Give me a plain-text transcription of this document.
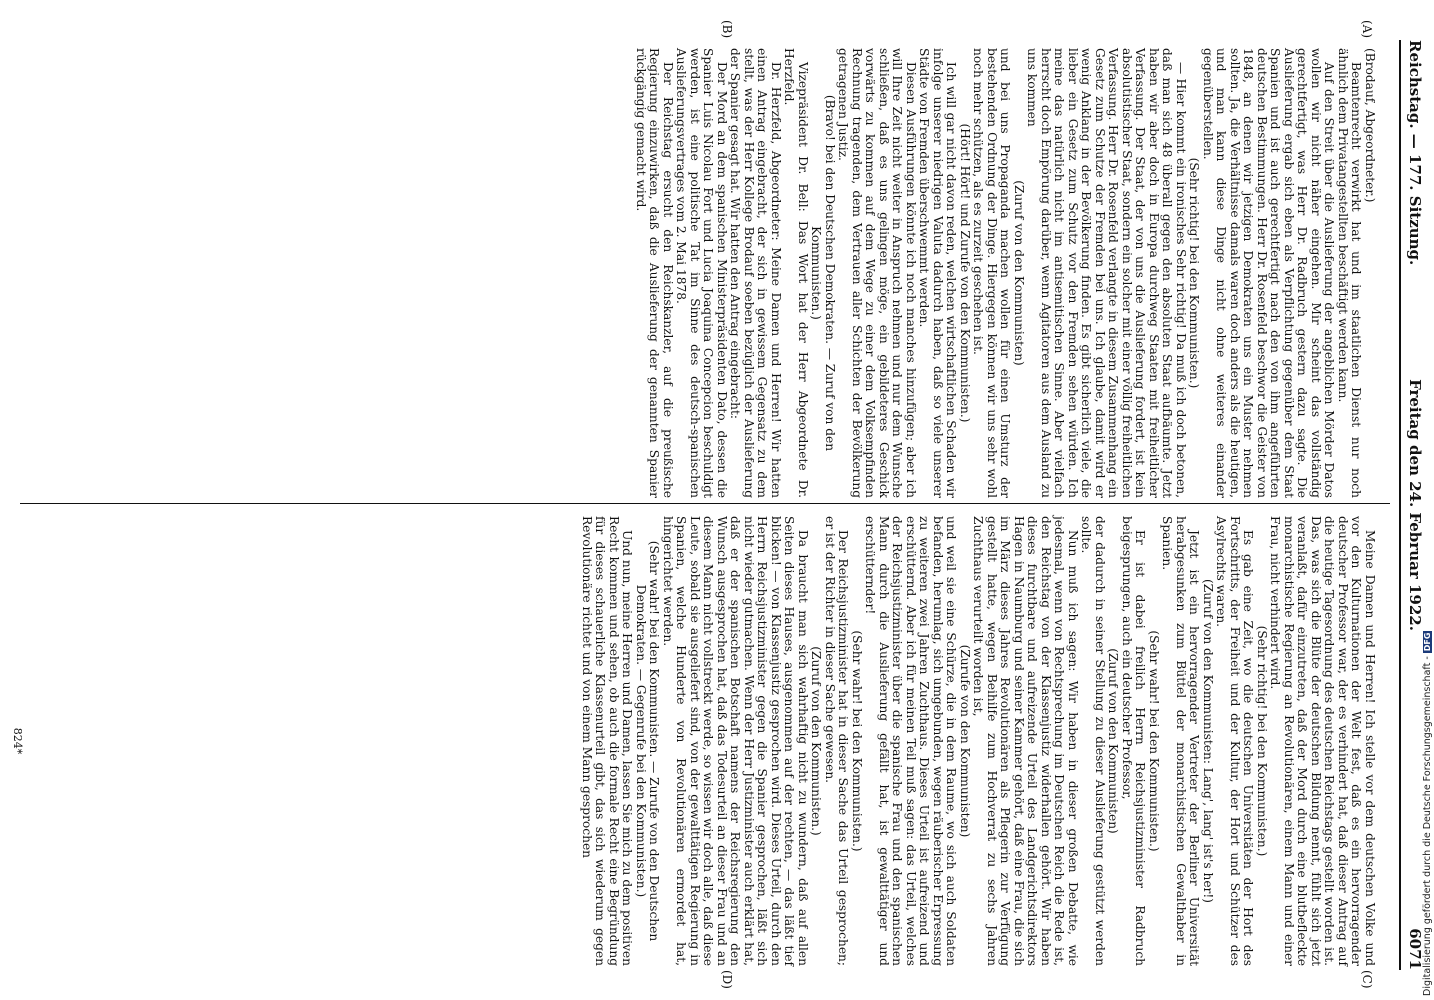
Reichstag. — 177. Sitzung.
Freitag den 24. Februar 1922.
6071
(A)
(B)
(C)
(D)

(Brodauf, Abgeordneter.)

Beamtenrecht verwirkt hat und im staatlichen Dienst nur noch ähnlich dem Privatangestellten beschäftigt werden kann.

Auf den Streit über die Auslieferung der angeblichen Mörder Datos wollen wir nicht näher eingehen. Mir scheint das vollständig gerechtfertigt, was Herr Dr. Radbruch gestern dazu sagte. Die Auslieferung ergab sich eben als Verpflichtung gegenüber dem Staat Spanien und ist auch gerechtfertigt nach den von ihm angeführten deutschen Bestimmungen. Herr Dr. Rosenfeld beschwor die Geister von 1848, an denen wir jetzigen Demokraten uns ein Muster nehmen sollten. Ja, die Verhältnisse damals waren doch anders als die heutigen, und man kann diese Dinge nicht ohne weiteres einander gegenüberstellen.

(Sehr richtig! bei den Kommunisten.)

— Hier kommt ein ironisches Sehr richtig! Da muß ich doch betonen, daß man sich 48 überall gegen den absoluten Staat aufbäumte. Jetzt haben wir aber doch in Europa durchweg Staaten mit freiheitlicher Verfassung. Der Staat, der von uns die Auslieferung fordert, ist kein absolutistischer Staat, sondern ein solcher mit einer völlig freiheitlichen Verfassung. Herr Dr. Rosenfeld verlangte in diesem Zusammenhang ein Gesetz zum Schutze der Fremden bei uns. Ich glaube, damit wird er wenig Anklang in der Bevölkerung finden. Es gibt sicherlich viele, die lieber ein Gesetz zum Schutz vor den Fremden sehen würden. Ich meine das natürlich nicht im antisemitischen Sinne. Aber vielfach herrscht doch Empörung darüber, wenn Agitatoren aus dem Ausland zu uns kommen

(Zuruf von den Kommunisten)

und bei uns Propaganda machen wollen für einen Umsturz der bestehenden Ordnung der Dinge. Hiergegen können wir uns sehr wohl noch mehr schützen, als es zurzeit geschehen ist.

(Hört! Hört! und Zurufe von den Kommunisten.)

Ich will gar nicht davon reden, welchen wirtschaftlichen Schaden wir infolge unserer niedrigen Valuta dadurch haben, daß so viele unserer Städte von Fremden überschwemmt werden.

Diesen Ausführungen könnte ich noch manches hinzufügen; aber ich will Ihre Zeit nicht weiter in Anspruch nehmen und nur dem Wunsche schließen, daß es uns gelingen möge, ein gebildeteres Geschick vorwärts zu kommen auf dem Wege zu einer dem Volksempfinden Rechnung tragenden, dem Vertrauen aller Schichten der Bevölkerung getragenen Justiz.

(Bravo! bei den Deutschen Demokraten. — Zuruf von den Kommunisten.)

Vizepräsident Dr. Bell: Das Wort hat der Herr Abgeordnete Dr. Herzfeld.

Dr. Herzfeld, Abgeordneter: Meine Damen und Herren! Wir hatten einen Antrag eingebracht, der sich in gewissem Gegensatz zu dem stellt, was der Herr Kollege Brodauf soeben bezüglich der Auslieferung der Spanier gesagt hat. Wir hatten den Antrag eingebracht:

Der Mord an dem spanischen Ministerpräsidenten Dato, dessen die Spanier Luis Nicolau Fort und Lucia Joaquina Concepcion beschuldigt werden, ist eine politische Tat im Sinne des deutsch-spanischen Auslieferungsvertrages vom 2. Mai 1878.

Der Reichstag ersucht den Reichskanzler, auf die preußische Regierung einzuwirken, daß die Auslieferung der genannten Spanier rückgängig gemacht wird.

Meine Damen und Herren! Ich stelle vor dem deutschen Volke und vor den Kulturnationen der Welt fest, daß es ein hervorragender deutscher Professor war, der es verhindert hat, daß dieser Antrag auf die heutige Tagesordnung des deutschen Reichstags gestellt worden ist. Das, was sich die Blüte der deutschen Bildung nennt, fühlt sich jetzt veranlaßt, dafür einzutreten, daß der Mord durch eine blutbefleckte monarchistische Regierung an Revolutionären, einem Mann und einer Frau, nicht verhindert wird.

(Sehr richtig! bei den Kommunisten.)

Es gab eine Zeit, wo die deutschen Universitäten der Hort des Fortschritts, der Freiheit und der Kultur, der Hort und Schützer des Asylrechts waren.

(Zuruf von den Kommunisten: Lang', lang' ist's her!)

Jetzt ist ein hervorragender Vertreter der Berliner Universität herabgesunken zum Büttel der monarchistischen Gewalthaber in Spanien.

(Sehr wahr! bei den Kommunisten.)

Er ist dabei freilich Herrn Reichsjustizminister Radbruch beigesprungen, auch ein deutscher Professor,

(Zuruf von den Kommunisten)

der dadurch in seiner Stellung zu dieser Auslieferung gestützt werden sollte.

Nun muß ich sagen: Wir haben in dieser großen Debatte, wie jedesmal, wenn von Rechtsprechung im Deutschen Reich die Rede ist, den Reichstag von der Klassenjustiz widerhallen gehört. Wir haben dieses furchtbare und aufreizende Urteil des Landgerichtsdirektors Hagen in Naumburg und seiner Kammer gehört, daß eine Frau, die sich im März dieses Jahres Revolutionären als Pflegerin zur Verfügung gestellt hatte, wegen Beihilfe zum Hochverrat zu sechs Jahren Zuchthaus verurteilt worden ist,

(Zurufe von den Kommunisten)

und weil sie eine Schürze, die in dem Raume, wo sich auch Soldaten befanden, herumlag, sich umgebunden, wegen räuberischer Erpressung zu weiteren zwei Jahren Zuchthaus. Dieses Urteil ist aufreizend und erschütternd. Aber ich für meinen Teil muß sagen: das Urteil, welches der Reichsjustizminister über die spanische Frau und den spanischen Mann durch die Auslieferung gefällt hat, ist gewalttätiger und erschütternder!

(Sehr wahr! bei den Kommunisten.)

Der Reichsjustizminister hat in dieser Sache das Urteil gesprochen; er ist der Richter in dieser Sache gewesen.

(Zuruf von den Kommunisten.)

Da braucht man sich wahrhaftig nicht zu wundern, daß auf allen Seiten dieses Hauses, ausgenommen auf der rechten, — das läßt tief blicken! — von Klassenjustiz gesprochen wird. Dieses Urteil, durch den Herrn Reichsjustizminister gegen die Spanier gesprochen, läßt sich nicht wieder gutmachen. Wenn der Herr Justizminister auch erklärt hat, daß er der spanischen Botschaft namens der Reichsregierung den Wunsch ausgesprochen hat, daß das Todesurteil an dieser Frau und an diesem Mann nicht vollstreckt werde, so wissen wir doch alle, daß diese Leute, sobald sie ausgeliefert sind, von der gewalttätigen Regierung in Spanien, welche Hunderte von Revolutionären ermordet hat, hingerichtet werden.

(Sehr wahr! bei den Kommunisten. — Zurufe von den Deutschen Demokraten. — Gegenrufe bei den Kommunisten.)

Und nun, meine Herren und Damen, lassen Sie mich zu dem positiven Recht kommen und sehen, ob auch die formale Recht eine Begründung für dieses schauerliche Klassenurteil gibt, das sich wiederum gegen Revolutionäre richtet und von einem Mann gesprochen

824*	Digitalisierung gefördert durch die Deutsche Forschungsgemeinschaft -DFG
